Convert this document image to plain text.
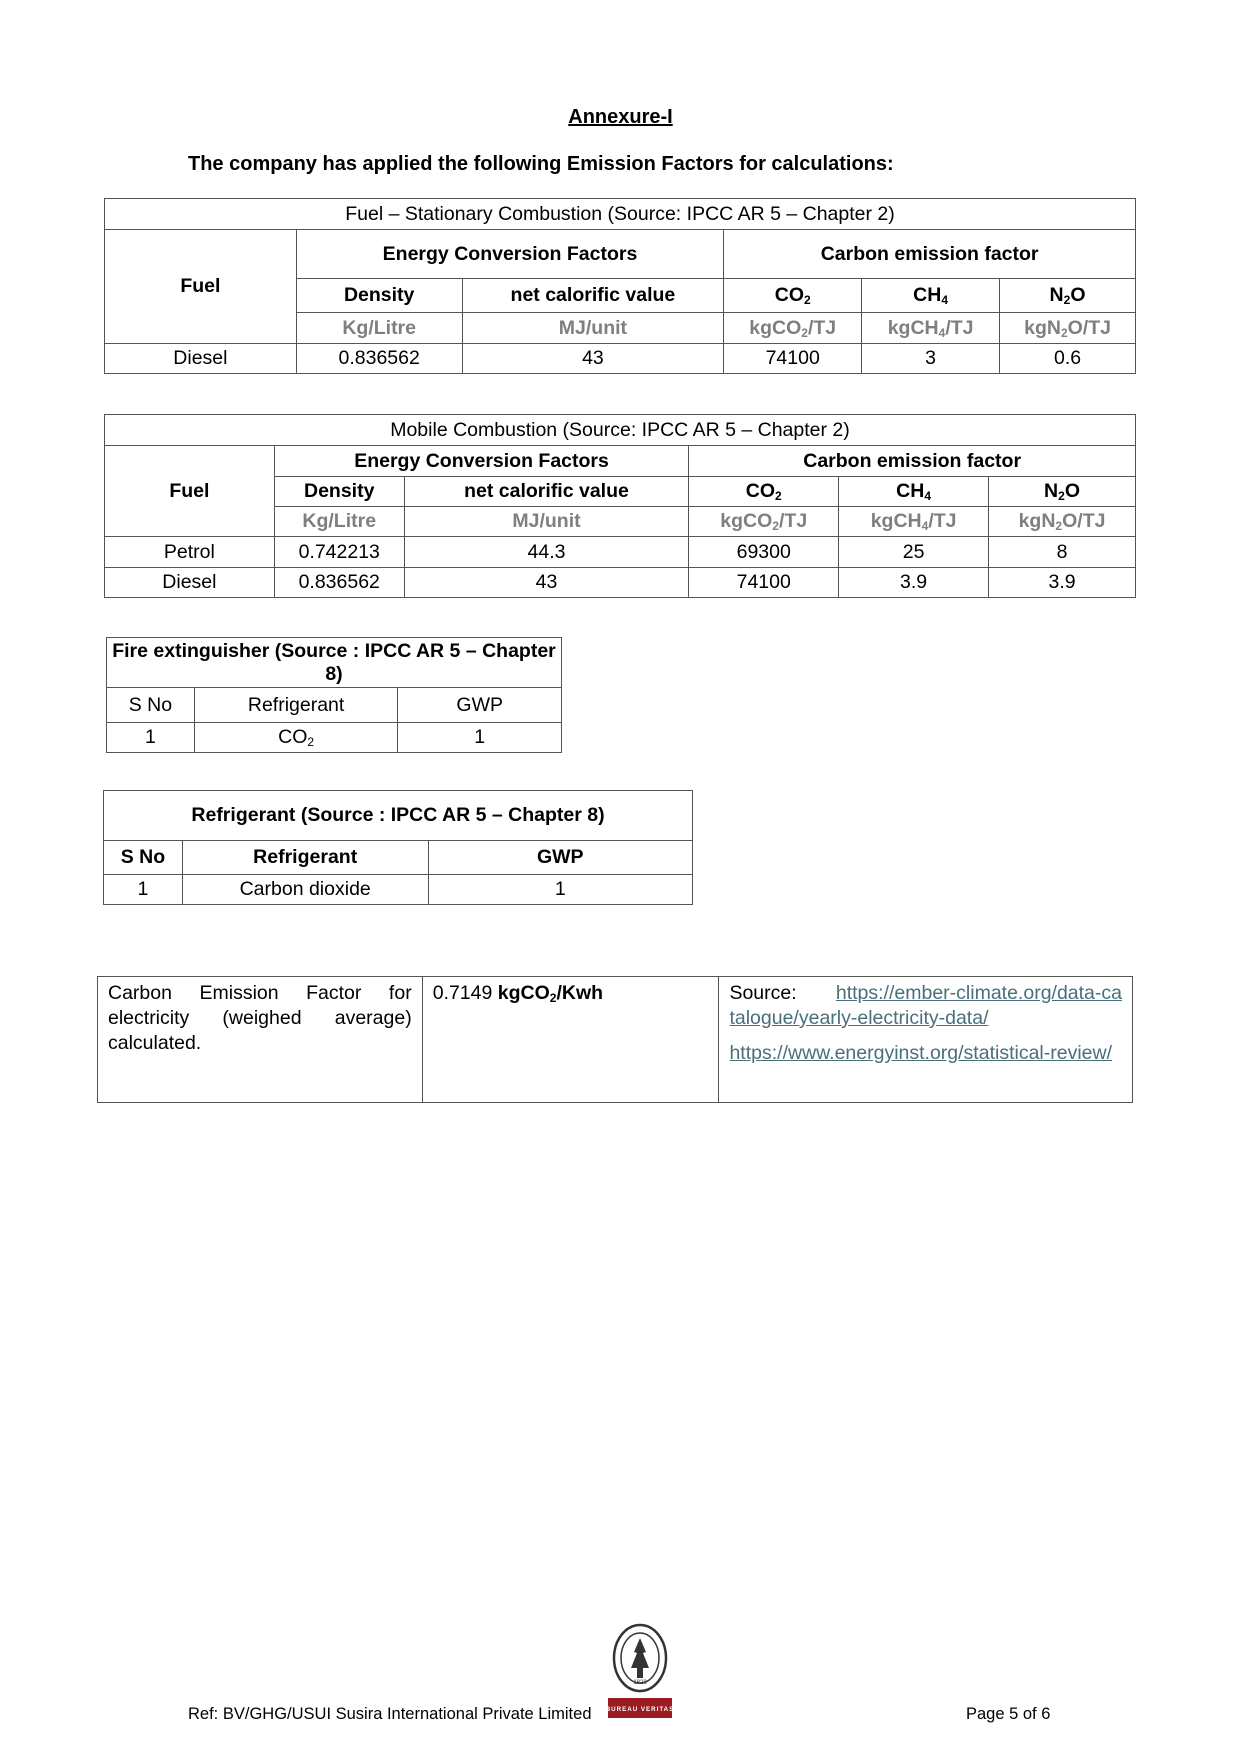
Annexure-I
The company has applied the following Emission Factors for calculations:
Fuel – Stationary Combustion (Source: IPCC AR 5 – Chapter 2)					
Fuel	Energy Conversion Factors		Carbon emission factor		
	Density	net calorific value	$CO_2$	$CH_4$	$N_2O$
	Kg/Litre	MJ/unit	kgCO$_2$/TJ	kgCH$_4$/TJ	kgN$_2$O/TJ
Diesel	0.836562	43	74100	3	0.6
Mobile Combustion (Source: IPCC AR 5 – Chapter 2)					
Fuel	Energy Conversion Factors		Carbon emission factor		
	Density	net calorific value	$CO_2$	$CH_4$	$N_2O$
	Kg/Litre	MJ/unit	kgCO$_2$/TJ	kgCH$_4$/TJ	kgN$_2$O/TJ
Petrol	0.742213	44.3	69300	25	8
Diesel	0.836562	43	74100	3.9	3.9
Fire extinguisher (Source : IPCC AR 5 – Chapter 8)		
S No	Refrigerant	GWP
1	$CO_2$	1
Refrigerant (Source : IPCC AR 5 – Chapter 8)		
S No	Refrigerant	GWP
1	Carbon dioxide	1
Carbon Emission Factor for electricity (weighed average) calculated.	0.7149 kgCO$_2$/Kwh	Source: https://ember-climate.org/data-catalogue/yearly-electricity-data/
https://www.energyinst.org/statistical-review/
Ref: BV/GHG/USUI Susira International Private Limited
1828
BUREAU VERITAS	Page 5 of 6
